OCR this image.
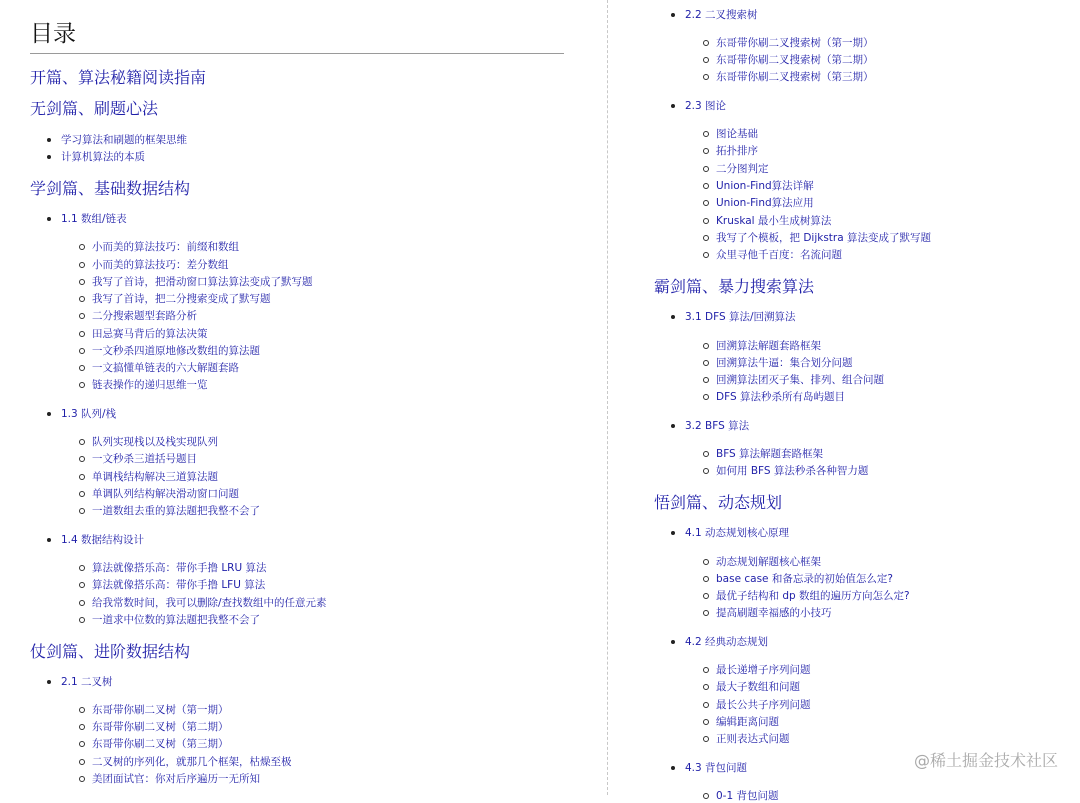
目录
开篇、算法秘籍阅读指南
无剑篇、刷题心法
学习算法和刷题的框架思维
计算机算法的本质
学剑篇、基础数据结构
1.1 数组/链表
小而美的算法技巧：前缀和数组
小而美的算法技巧：差分数组
我写了首诗，把滑动窗口算法算法变成了默写题
我写了首诗，把二分搜索变成了默写题
二分搜索题型套路分析
田忌赛马背后的算法决策
一文秒杀四道原地修改数组的算法题
一文搞懂单链表的六大解题套路
链表操作的递归思维一览
1.3 队列/栈
队列实现栈以及栈实现队列
一文秒杀三道括号题目
单调栈结构解决三道算法题
单调队列结构解决滑动窗口问题
一道数组去重的算法题把我整不会了
1.4 数据结构设计
算法就像搭乐高：带你手撸 LRU 算法
算法就像搭乐高：带你手撸 LFU 算法
给我常数时间，我可以删除/查找数组中的任意元素
一道求中位数的算法题把我整不会了
仗剑篇、进阶数据结构
2.1 二叉树
东哥带你刷二叉树（第一期）
东哥带你刷二叉树（第二期）
东哥带你刷二叉树（第三期）
二叉树的序列化，就那几个框架，枯燥至极
美团面试官：你对后序遍历一无所知
2.2 二叉搜索树
东哥带你刷二叉搜索树（第一期）
东哥带你刷二叉搜索树（第二期）
东哥带你刷二叉搜索树（第三期）
2.3 图论
图论基础
拓扑排序
二分图判定
Union-Find算法详解
Union-Find算法应用
Kruskal 最小生成树算法
我写了个模板，把 Dijkstra 算法变成了默写题
众里寻他千百度：名流问题
霸剑篇、暴力搜索算法
3.1 DFS 算法/回溯算法
回溯算法解题套路框架
回溯算法牛逼：集合划分问题
回溯算法团灭子集、排列、组合问题
DFS 算法秒杀所有岛屿题目
3.2 BFS 算法
BFS 算法解题套路框架
如何用 BFS 算法秒杀各种智力题
悟剑篇、动态规划
4.1 动态规划核心原理
动态规划解题核心框架
base case 和备忘录的初始值怎么定?
最优子结构和 dp 数组的遍历方向怎么定?
提高刷题幸福感的小技巧
4.2 经典动态规划
最长递增子序列问题
最大子数组和问题
最长公共子序列问题
编辑距离问题
正则表达式问题
4.3 背包问题
0-1 背包问题
@稀土掘金技术社区
